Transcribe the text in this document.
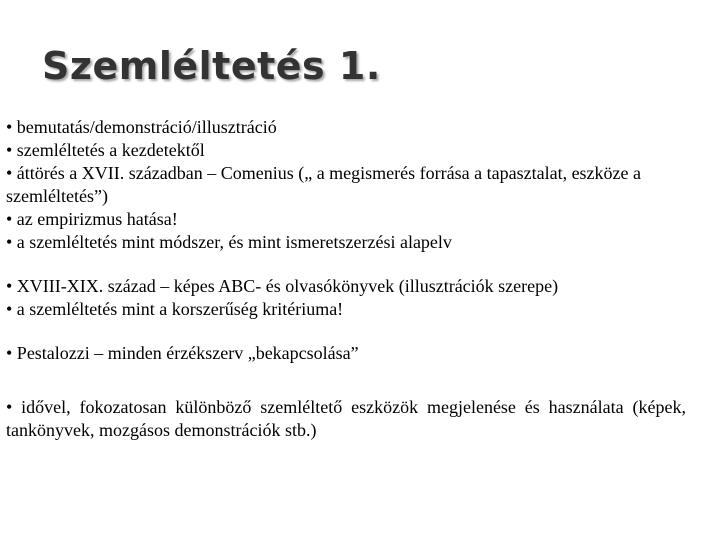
Szemléltetés 1.
• bemutatás/demonstráció/illusztráció
• szemléltetés a kezdetektől
• áttörés a XVII. században – Comenius („ a megismerés forrása a tapasztalat, eszköze a szemléltetés”)
• az empirizmus hatása!
• a szemléltetés mint módszer, és mint ismeretszerzési alapelv
• XVIII-XIX. század – képes ABC- és olvasókönyvek (illusztrációk szerepe)
• a szemléltetés mint a korszerűség kritériuma!
• Pestalozzi – minden érzékszerv „bekapcsolása”
• idővel, fokozatosan különböző szemléltető eszközök megjelenése és használata (képek, tankönyvek, mozgásos demonstrációk stb.)
